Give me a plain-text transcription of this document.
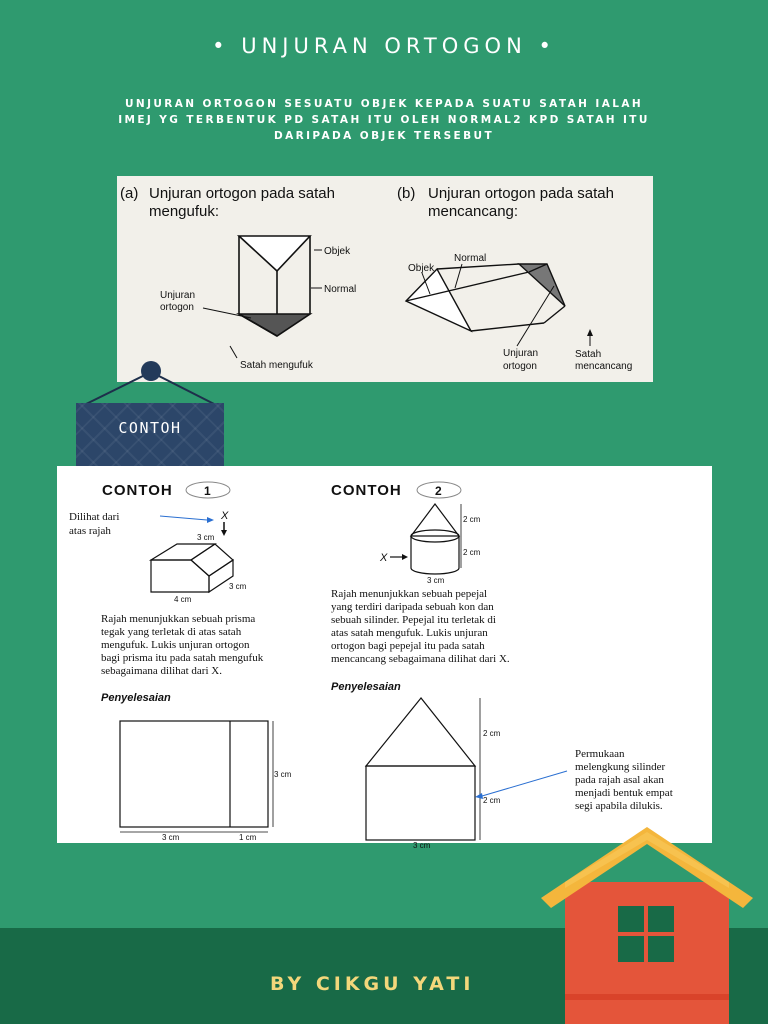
• UNJURAN ORTOGON •
UNJURAN ORTOGON SESUATU OBJEK KEPADA SUATU SATAH IALAH IMEJ YG TERBENTUK PD SATAH ITU OLEH NORMAL2 KPD SATAH ITU DARIPADA OBJEK TERSEBUT
(a) Unjuran ortogon pada satah
mengufuk:
Objek
Normal
Unjuran
ortogon
Satah mengufuk
(b) Unjuran ortogon pada satah
mencancang:
Objek
Normal
Unjuran
ortogon
Satah
mencancang
CONTOH
CONTOH	1
Dilihat dari
atas rajah
X
3 cm
3 cm
4 cm
Rajah menunjukkan sebuah prisma
tegak yang terletak di atas satah
mengufuk. Lukis unjuran ortogon
bagi prisma itu pada satah mengufuk
sebagaimana dilihat dari X.
Penyelesaian
3 cm
3 cm	1 cm
CONTOH	2
2 cm
2 cm
3 cm
X
Rajah menunjukkan sebuah pepejal
yang terdiri daripada sebuah kon dan
sebuah silinder. Pepejal itu terletak di
atas satah mengufuk. Lukis unjuran
ortogon bagi pepejal itu pada satah
mencancang sebagaimana dilihat dari X.
Penyelesaian
2 cm
2 cm
3 cm
Permukaan
melengkung silinder
pada rajah asal akan
menjadi bentuk empat
segi apabila dilukis.
BY CIKGU YATI
